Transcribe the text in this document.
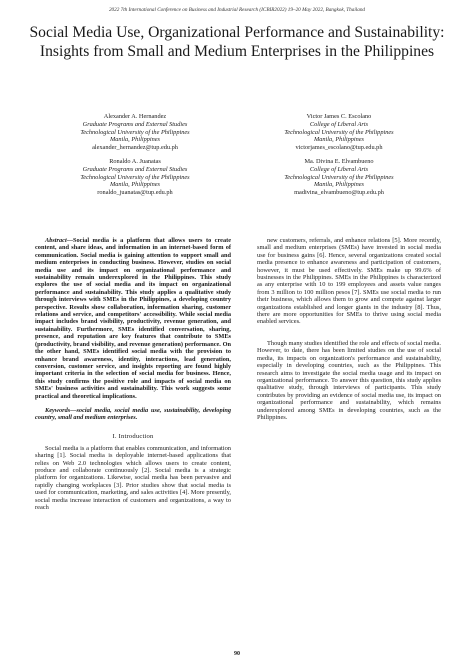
2022 7th International Conference on Business and Industrial Research (ICBIR2022) 19–20 May 2022, Bangkok, Thailand
Social Media Use, Organizational Performance and Sustainability: Insights from Small and Medium Enterprises in the Philippines
Alexander A. Hernandez
Graduate Programs and External Studies
Technological University of the Philippines
Manila, Philippines
alexander_hernandez@tup.edu.ph
Victor James C. Escolano
College of Liberal Arts
Technological University of the Philippines
Manila, Philippines
victorjames_escolano@tup.edu.ph
Ronaldo A. Juanatas
Graduate Programs and External Studies
Technological University of the Philippines
Manila, Philippines
ronaldo_juanatas@tup.edu.ph
Ma. Divina E. Elvambueno
College of Liberal Arts
Technological University of the Philippines
Manila, Philippines
madivina_elvambueno@tup.edu.ph

Abstract—Social media is a platform that allows users to create content, and share ideas, and information in an internet-based form of communication. Social media is gaining attention to support small and medium enterprises in conducting business. However, studies on social media use and its impact on organizational performance and sustainability remain underexplored in the Philippines. This study explores the use of social media and its impact on organizational performance and sustainability. This study applies a qualitative study through interviews with SMEs in the Philippines, a developing country perspective. Results show collaboration, information sharing, customer relations and service, and competitors' accessibility. While social media impact includes brand visibility, productivity, revenue generation, and sustainability. Furthermore, SMEs identified conversation, sharing, presence, and reputation are key features that contribute to SMEs (productivity, brand visibility, and revenue generation) performance. On the other hand, SMEs identified social media with the provision to enhance brand awareness, identity, interactions, lead generation, conversion, customer service, and insights reporting are found highly important criteria in the selection of social media for business. Hence, this study confirms the positive role and impacts of social media on SMEs' business activities and sustainability. This work suggests some practical and theoretical implications.

Keywords—social media, social media use, sustainability, developing country, small and medium enterprises.

I. Introduction

Social media is a platform that enables communication, and information sharing [1]. Social media is deployable internet-based applications that relies on Web 2.0 technologies which allows users to create content, produce and collaborate continuously [2]. Social media is a strategic platform for organizations. Likewise, social media has been pervasive and rapidly changing workplaces [3]. Prior studies show that social media is used for communication, marketing, and sales activities [4]. More presently, social media increase interaction of customers and organizations, a way to reach

new customers, referrals, and enhance relations [5]. More recently, small and medium enterprises (SMEs) have invested in social media use for business gains [6]. Hence, several organizations created social media presence to enhance awareness and participation of customers, however, it must be used effectively. SMEs make up 99.6% of businesses in the Philippines. SMEs in the Philippines is characterized as any enterprise with 10 to 199 employees and assets value ranges from 3 million to 100 million pesos [7]. SMEs use social media to run their business, which allows them to grow and compete against larger organizations established and longer giants in the industry [8]. Thus, there are more opportunities for SMEs to thrive using social media enabled services.

Though many studies identified the role and effects of social media. However, to date, there has been limited studies on the use of social media, its impacts on organization's performance and sustainability, especially in developing countries, such as the Philippines. This research aims to investigate the social media usage and its impact on organizational performance. To answer this question, this study applies qualitative study, through interviews of participants. This study contributes by providing an evidence of social media use, its impact on organizational performance and sustainability, which remains underexplored among SMEs in developing countries, such as the Philippines.

90
